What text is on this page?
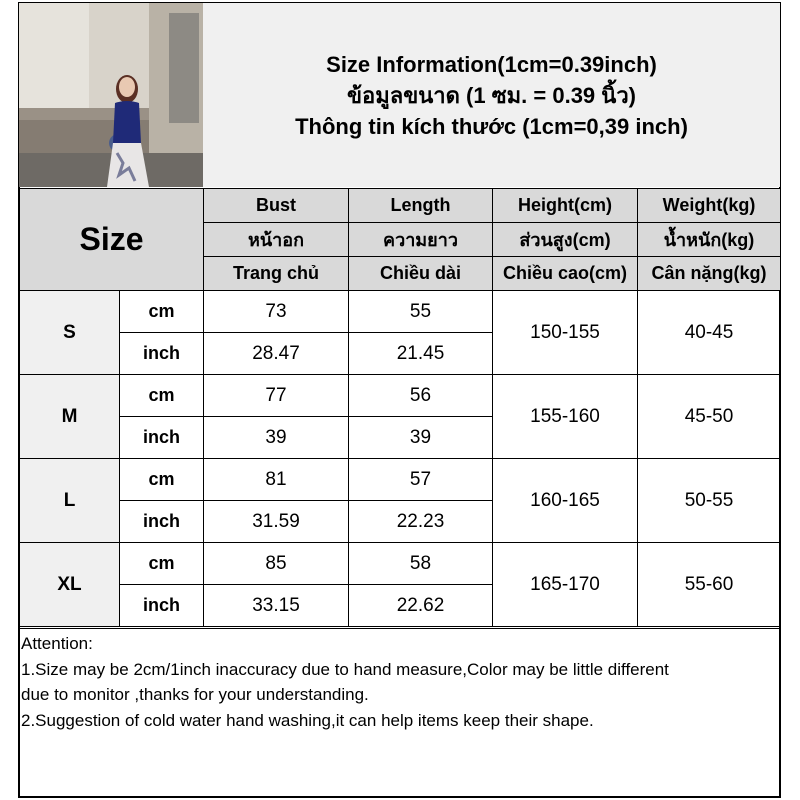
Size Information(1cm=0.39inch)
ข้อมูลขนาด (1 ซม. = 0.39 นิ้ว)
Thông tin kích thước (1cm=0,39 inch)
Size		Bust	Length	Height(cm)	Weight(kg)
		หน้าอก	ความยาว	ส่วนสูง(cm)	น้ำหนัก(kg)
		Trang chủ	Chiều dài	Chiều cao(cm)	Cân nặng(kg)
S	cm	73	55	150-155	40-45
	inch	28.47	21.45		
M	cm	77	56	155-160	45-50
	inch	39	39		
L	cm	81	57	160-165	50-55
	inch	31.59	22.23		
XL	cm	85	58	165-170	55-60
	inch	33.15	22.62		
Attention:
1.Size may be 2cm/1inch inaccuracy due to hand measure,Color may be little different
due to monitor ,thanks for your understanding.
2.Suggestion of cold water hand washing,it can help items keep their shape.
